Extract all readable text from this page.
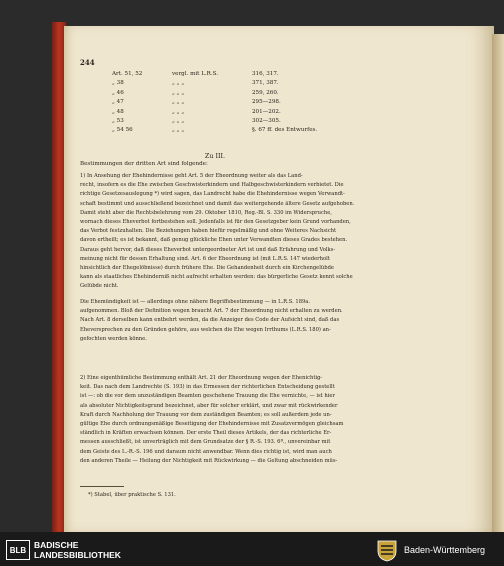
244
Art. 51, 52	vergl. mit L.R.S.	316, 317.
„ 38	„ „ „	371, 387.
„ 46	„ „ „	259, 260.
„ 47	„ „ „	295—298.
„ 48	„ „ „	201—202.
„ 53	„ „ „	302—305.
„ 54 56	„ „ „	§. 67 ff. des Entwurfes.
Zu III.
Bestimmungen der dritten Art sind folgende:
1) In Ansehung der Ehehindernisse geht Art. 5 der Eheordnung weiter als das Land-
recht, insofern es die Ehe zwischen Geschwisterkindern und Halbgeschwisterkindern verbietet. Die
richtige Gesetzesauslegung *) wird sagen, das Landrecht habe die Ehehindernisse wegen Verwandt-
schaft bestimmt und ausschließend bezeichnet und damit das weitergehende ältere Gesetz aufgehoben.
Damit steht aber die Rechtsbelehrung vom 29. Oktober 1810, Reg.-Bl. S. 330 im Widerspruche,
wornach dieses Eheverbot fortbestehen soll. Jedenfalls ist für den Gesetzgeber kein Grund vorhanden,
das Verbot festzuhalten. Die Beziehungen haben hiefür regelmäßig und ohne Weiteres Nachsicht
davon ertheilt; es ist bekannt, daß genug glückliche Ehen unter Verwandten dieses Grades bestehen.
Daraus geht hervor, daß dieses Eheverbot untergeordneter Art ist und daß Erfahrung und Volks-
meinung nicht für dessen Erhaltung sind. Art. 6 der Eheordnung ist (mit L.R.S. 147 wiederholt
hinsichtlich der Ehegelöbnisse) durch frühere Ehe. Die Gehandenheit durch ein Kirchengelübde
kann als staatliches Ehehinderniß nicht aufrecht erhalten werden: das bürgerliche Gesetz kennt solche
Gelübde nicht.
Die Ehemündigkeit ist — allerdings ohne nähere Begriffsbestimmung — in L.R.S. 189a.
aufgenommen. Bloß der Definition wegen braucht Art. 7 der Eheordnung nicht erhalten zu werden.
Nach Art. 8 derselben kann entbehrt werden, da die Anzeiger des Code der Aufsicht sind, daß das
Eheversprechen zu den Gründen gehöre, aus welchen die Ehe wegen Irrthums (L.R.S. 180) an-
gefochten werden könne.
2) Eine eigenthümliche Bestimmung enthält Art. 21 der Eheordnung wegen der Ehenichtig-
keit. Das nach dem Landrechte (S. 193) in das Ermessen der richterlichen Entscheidung gestellt
ist —: ob die vor dem unzuständigen Beamten geschehene Trauung die Ehe vernichte, — ist hier
als absoluter Nichtigkeitsgrund bezeichnet, aber für solcher erklärt, und zwar mit rückwirkender
Kraft durch Nachholung der Trauung vor dem zuständigen Beamten; es soll außerdem jede un-
gültige Ehe durch ordnungsmäßige Beseitigung der Ehehindernisse mit Zusatzvermögen gleichsam
ständlich in Kräften erwachsen können. Der erste Theil dieses Artikels, der das richterliche Er-
messen ausschließt, ist unverträglich mit dem Grundsatze der § R.-S. 193. 6ª., unvereinbar mit
dem Geiste des L.-R.-S. 196 und daraum nicht anwendbar. Wenn dies richtig ist, wird man auch
den anderen Theile — Heilung der Nichtigkeit mit Rückwirkung — die Geltung abschneiden müs-
*) Stabel, über praktische S. 131.
BLB BADISCHE
LANDESBIBLIOTHEK	Baden-Württemberg
